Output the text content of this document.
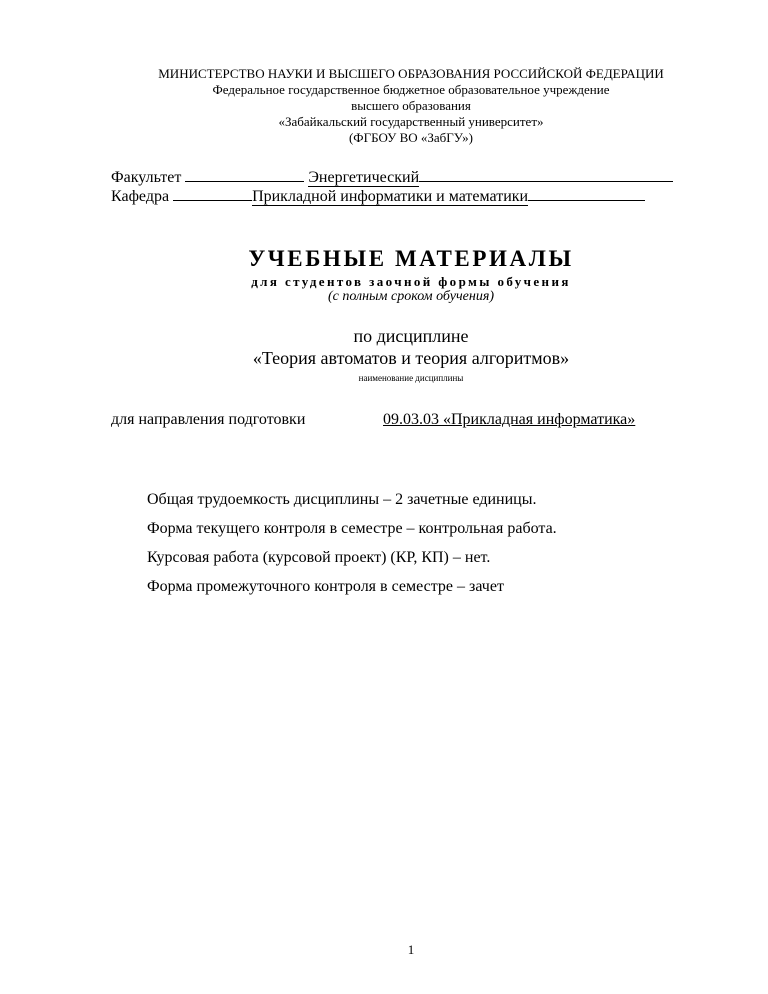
МИНИСТЕРСТВО НАУКИ И ВЫСШЕГО ОБРАЗОВАНИЯ РОССИЙСКОЙ ФЕДЕРАЦИИ
Федеральное государственное бюджетное образовательное учреждение
высшего образования
«Забайкальский государственный университет»
(ФГБОУ ВО «ЗабГУ»)
Факультет	Энергетический
Кафедра	Прикладной информатики и математики
УЧЕБНЫЕ МАТЕРИАЛЫ
для студентов заочной формы обучения
(с полным сроком обучения)
по дисциплине
«Теория автоматов и теория алгоритмов»
наименование дисциплины
для направления подготовки	09.03.03 «Прикладная информатика»
Общая трудоемкость дисциплины – 2 зачетные единицы.
Форма текущего контроля в семестре – контрольная работа.
Курсовая работа (курсовой проект) (КР, КП) – нет.
Форма промежуточного контроля в семестре – зачет
1
